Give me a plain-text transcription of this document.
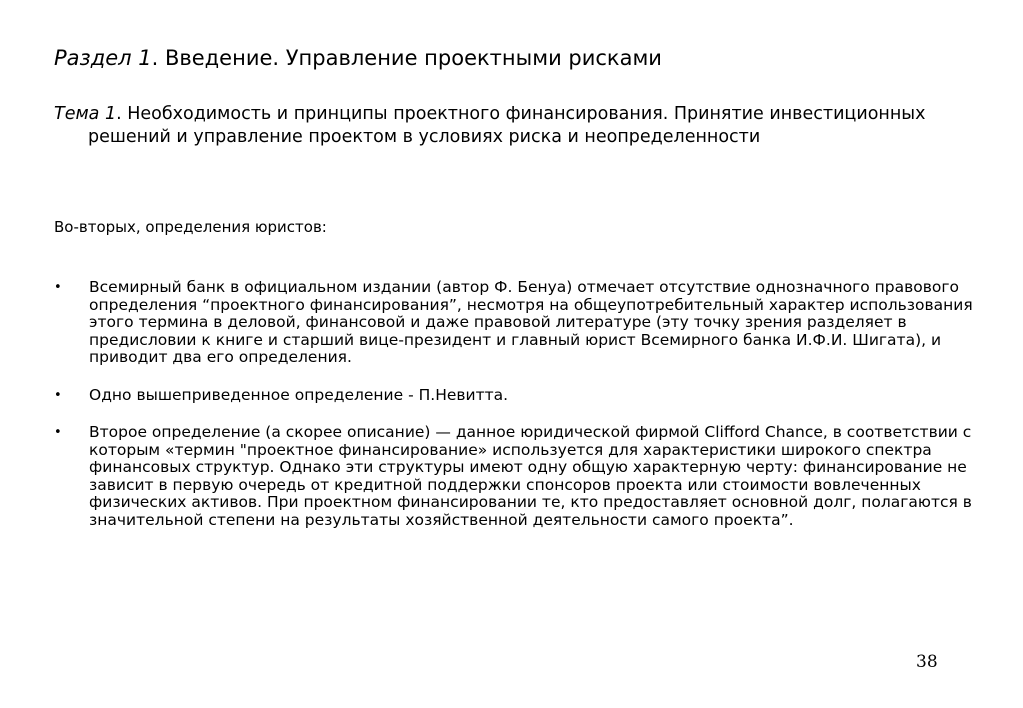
Раздел 1. Введение. Управление проектными рисками

Тема 1. Необходимость и принципы проектного финансирования. Принятие инвестиционных решений и управление проектом в условиях риска и неопределенности

Во-вторых, определения юристов:

• Всемирный банк в официальном издании (автор Ф. Бенуа) отмечает отсутствие однозначного правового определения “проектного финансирования”, несмотря на общеупотребительный характер использования этого термина в деловой, финансовой и даже правовой литературе (эту точку зрения разделяет в предисловии к книге и старший вице-президент и главный юрист Всемирного банка И.Ф.И. Шигата), и приводит два его определения.
• Одно вышеприведенное определение - П.Невитта.
• Второе определение (а скорее описание) — данное юридической фирмой Clifford Chance, в соответствии с которым «термин "проектное финансирование» используется для характеристики широкого спектра финансовых структур. Однако эти структуры имеют одну общую характерную черту: финансирование не зависит в первую очередь от кредитной поддержки спонсоров проекта или стоимости вовлеченных физических активов. При проектном финансировании те, кто предоставляет основной долг, полагаются в значительной степени на результаты хозяйственной деятельности самого проекта”.
38
